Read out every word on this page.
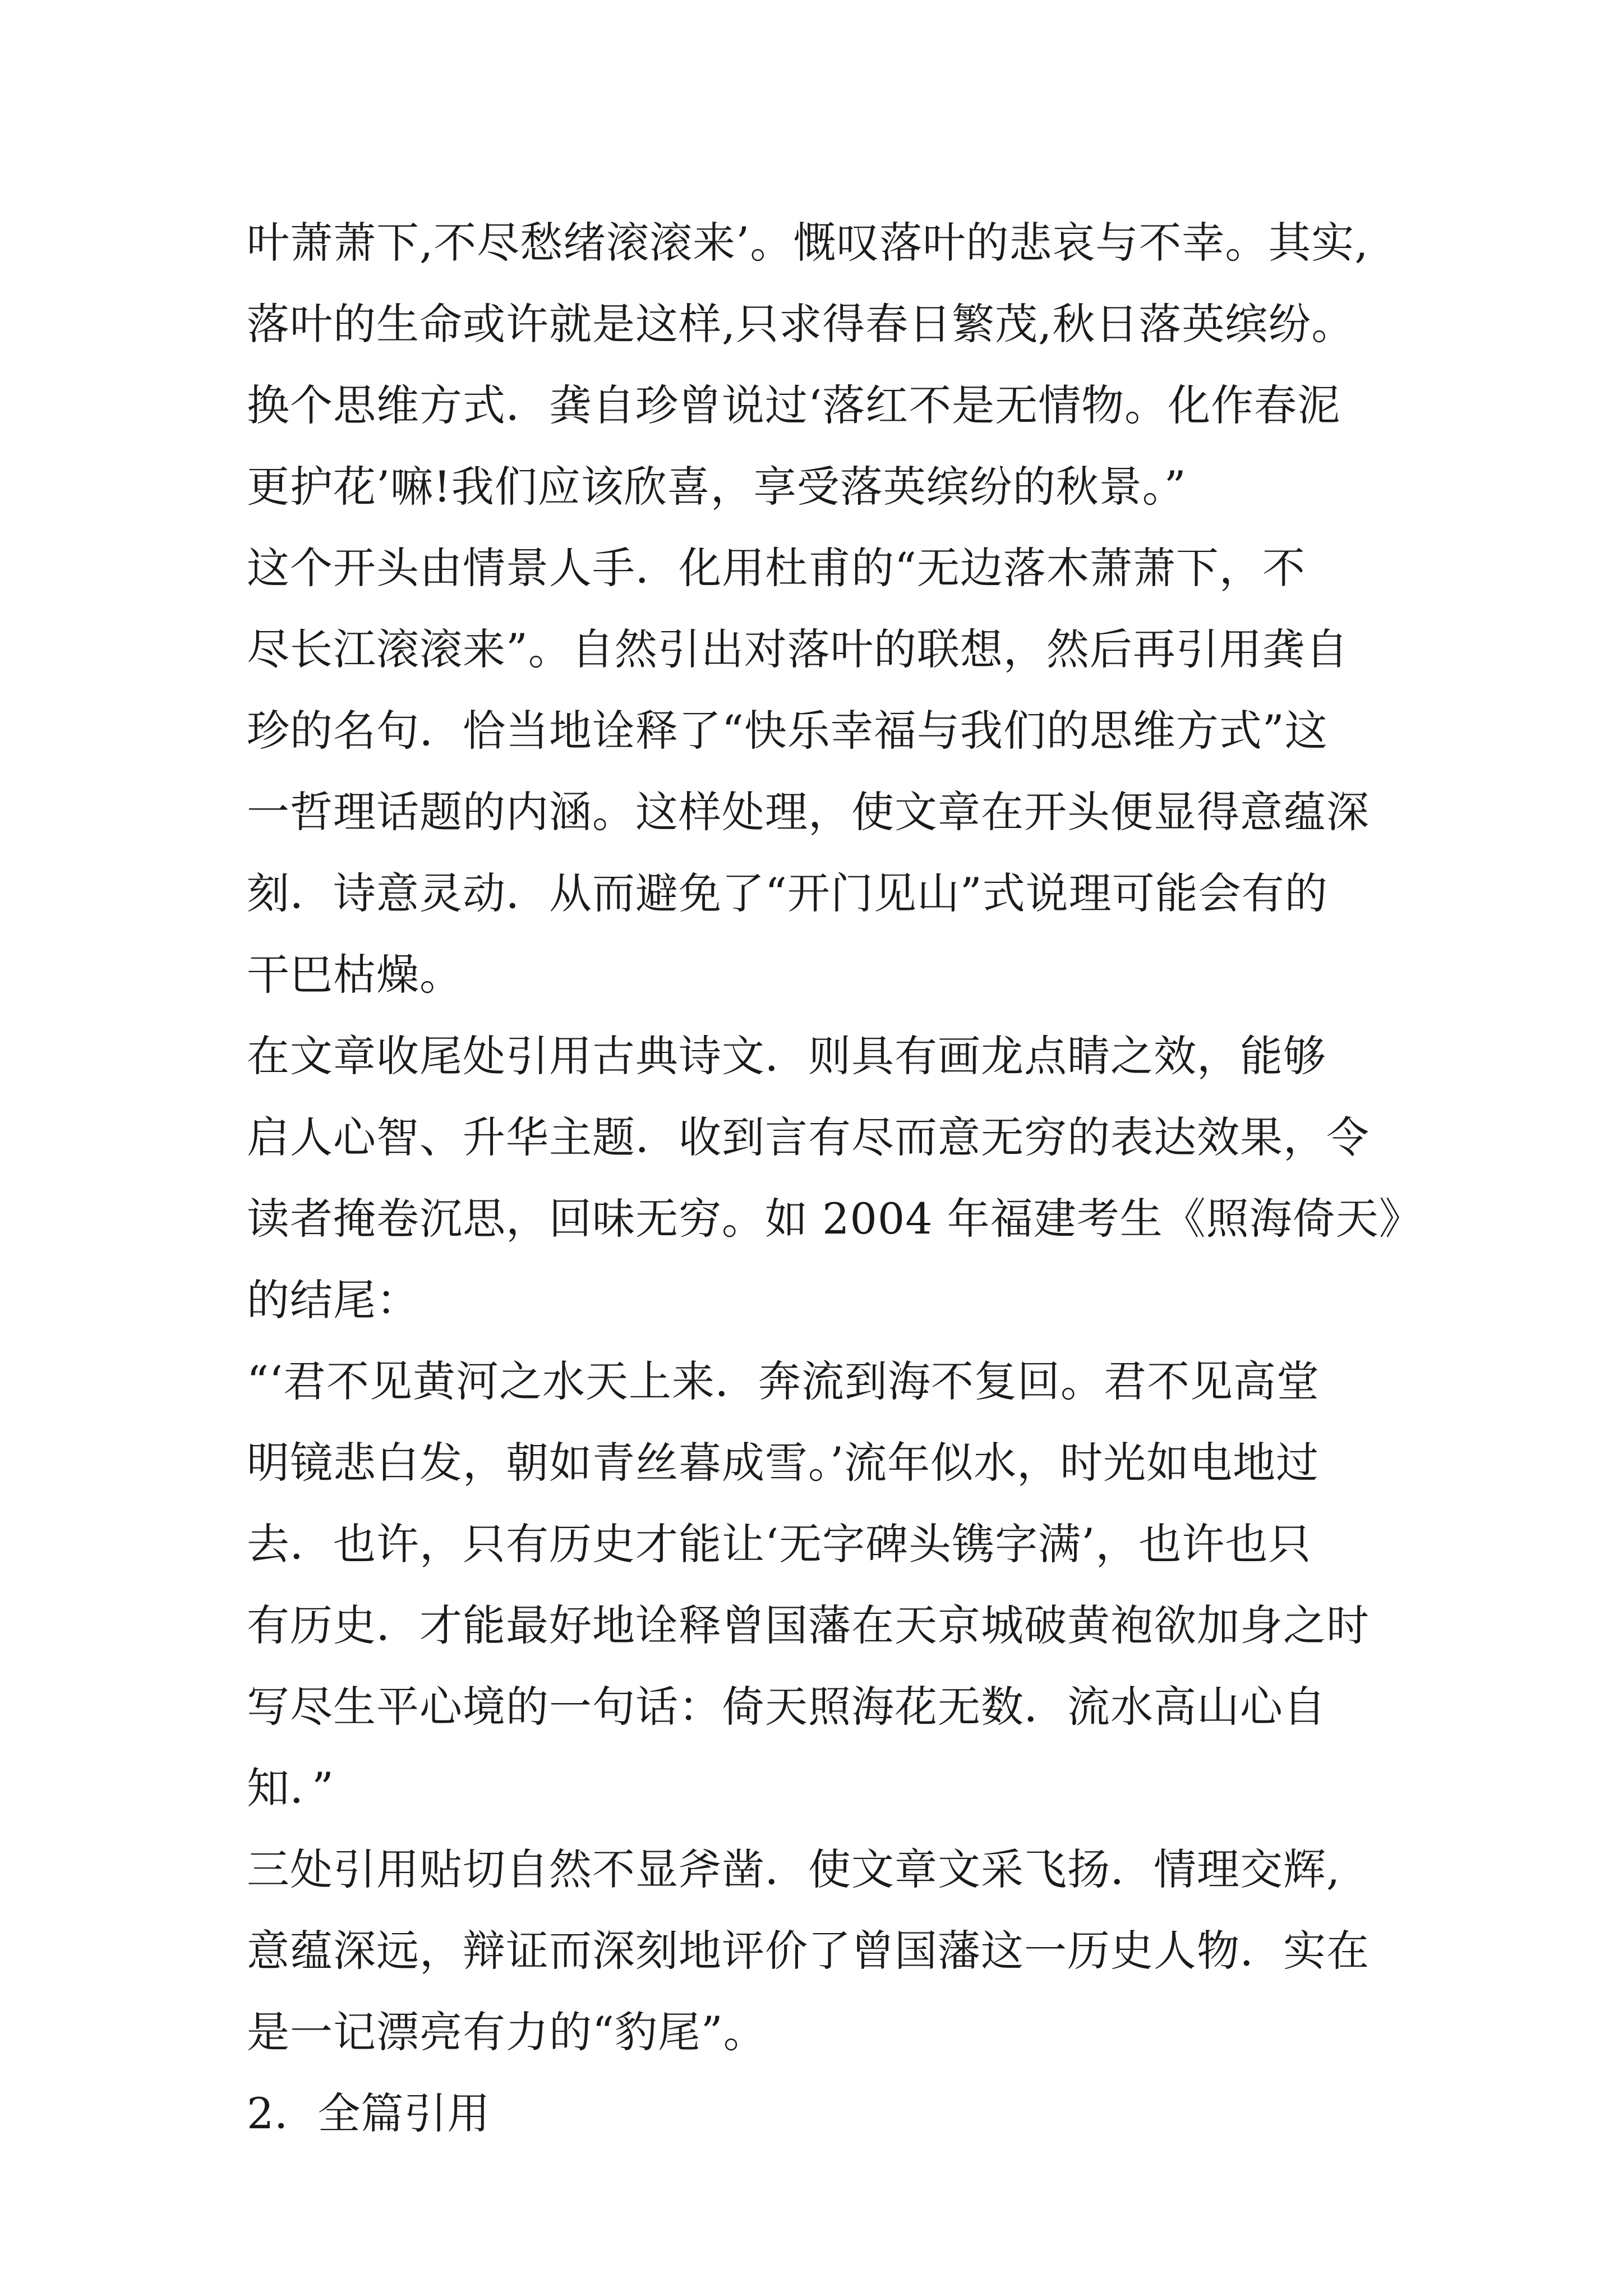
叶萧萧下,不尽愁绪滚滚来’。慨叹落叶的悲哀与不幸。其实,
落叶的生命或许就是这样,只求得春日繁茂,秋日落英缤纷。
换个思维方式．龚自珍曾说过‘落红不是无情物。化作春泥
更护花’嘛!我们应该欣喜，享受落英缤纷的秋景。”
这个开头由情景人手．化用杜甫的“无边落木萧萧下，不
尽长江滚滚来”。自然引出对落叶的联想，然后再引用龚自
珍的名句．恰当地诠释了“快乐幸福与我们的思维方式”这
一哲理话题的内涵。这样处理，使文章在开头便显得意蕴深
刻．诗意灵动．从而避免了“开门见山”式说理可能会有的
干巴枯燥。
在文章收尾处引用古典诗文．则具有画龙点睛之效，能够
启人心智、升华主题．收到言有尽而意无穷的表达效果，令
读者掩卷沉思，回味无穷。如 2004 年福建考生《照海倚天》
的结尾：
“‘君不见黄河之水天上来．奔流到海不复回。君不见高堂
明镜悲白发，朝如青丝暮成雪。’流年似水，时光如电地过
去．也许，只有历史才能让‘无字碑头镌字满’，也许也只
有历史．才能最好地诠释曾国藩在天京城破黄袍欲加身之时
写尽生平心境的一句话：倚天照海花无数．流水高山心自
知．”
三处引用贴切自然不显斧凿．使文章文采飞扬．情理交辉,
意蕴深远，辩证而深刻地评价了曾国藩这一历史人物．实在
是一记漂亮有力的“豹尾”。
2．全篇引用
